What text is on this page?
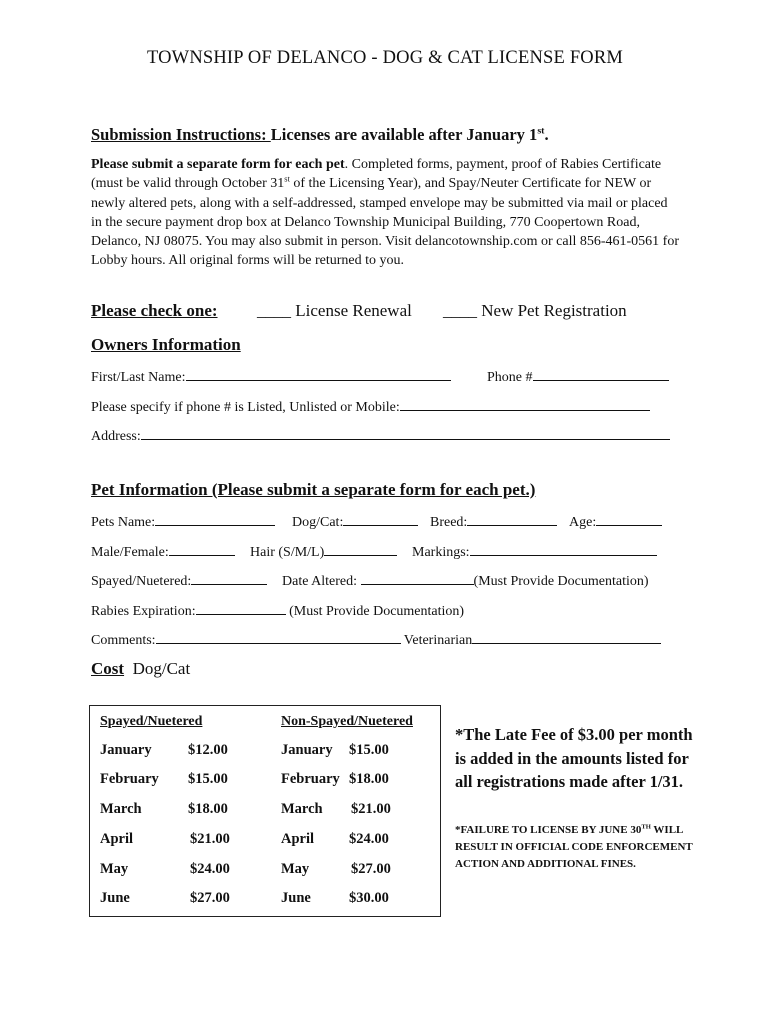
TOWNSHIP OF DELANCO - DOG & CAT LICENSE FORM
Submission Instructions: Licenses are available after January 1st.
Please submit a separate form for each pet. Completed forms, payment, proof of Rabies Certificate (must be valid through October 31st of the Licensing Year), and Spay/Neuter Certificate for NEW or newly altered pets, along with a self-addressed, stamped envelope may be submitted via mail or placed in the secure payment drop box at Delanco Township Municipal Building, 770 Coopertown Road, Delanco, NJ 08075. You may also submit in person. Visit delancotownship.com or call 856-461-0561 for Lobby hours. All original forms will be returned to you.
Please check one: ____ License Renewal ____ New Pet Registration
Owners Information
First/Last Name:	Phone #
Please specify if phone # is Listed, Unlisted or Mobile:
Address:
Pet Information (Please submit a separate form for each pet.)
Pets Name:	Dog/Cat:	Breed:	Age:
Male/Female:	Hair (S/M/L)	Markings:
Spayed/Nuetered:	Date Altered:	(Must Provide Documentation)
Rabies Expiration:	(Must Provide Documentation)
Comments:	Veterinarian
Cost Dog/Cat
Spayed/Nuetered	Non-Spayed/Nuetered
January	$12.00	January $15.00
February $15.00	February $18.00
March	$18.00	March $21.00
April	$21.00	April $24.00
May	$24.00	May	$27.00
June	$27.00	June	$30.00
*The Late Fee of $3.00 per month is added in the amounts listed for all registrations made after 1/31.
*FAILURE TO LICENSE BY JUNE 30TH WILL RESULT IN OFFICIAL CODE ENFORCEMENT ACTION AND ADDITIONAL FINES.
